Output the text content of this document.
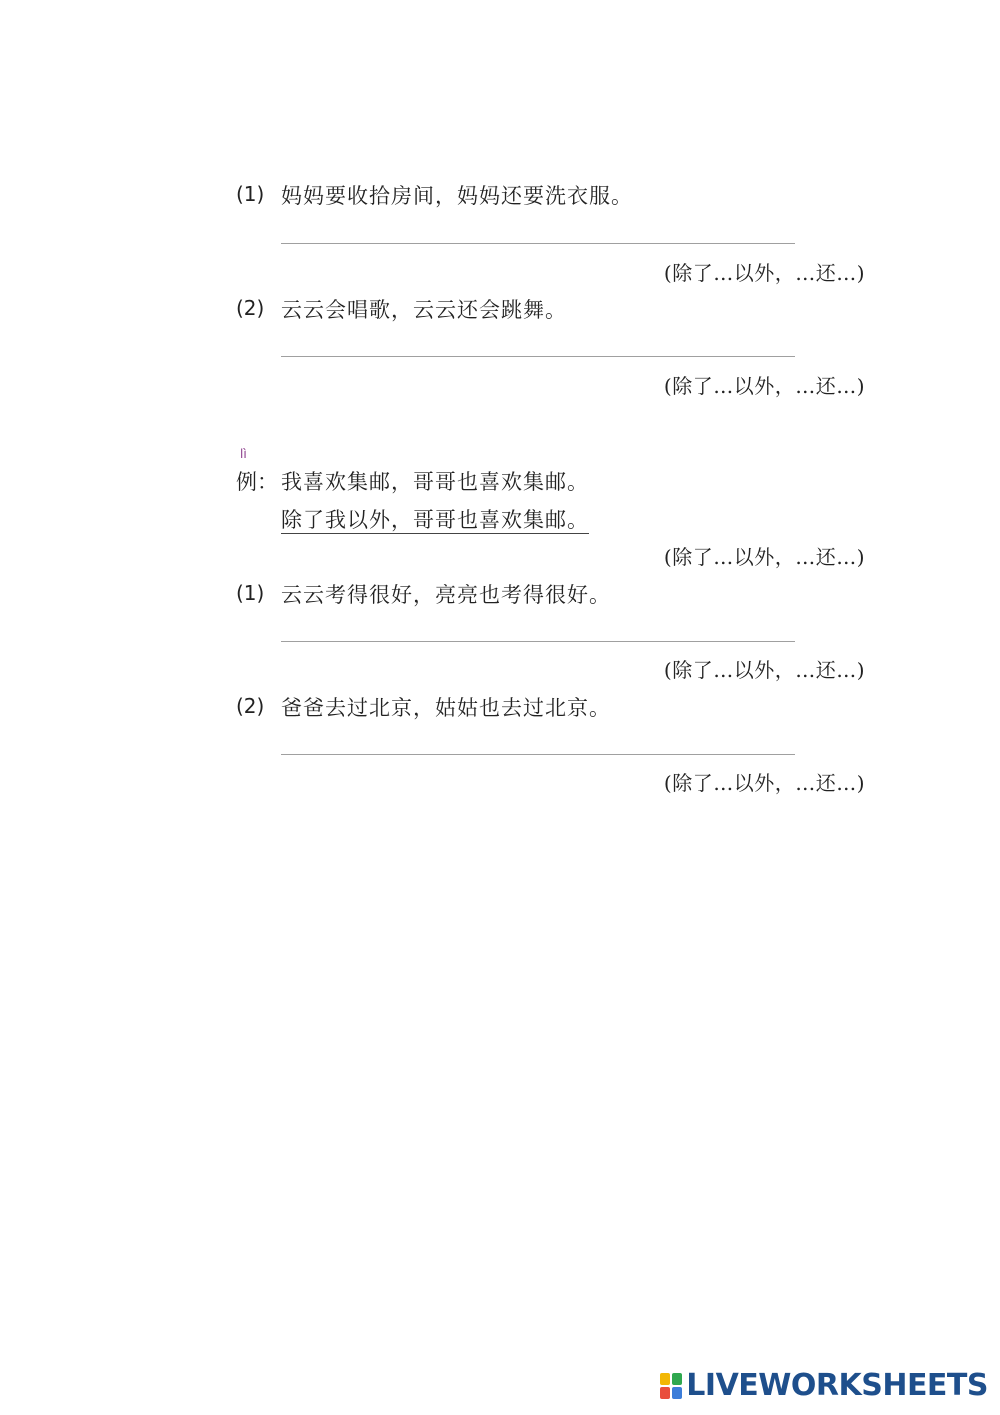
(1) 妈妈要收拾房间，妈妈还要洗衣服。
(除了…以外，…还…)
(2) 云云会唱歌，云云还会跳舞。
(除了…以外，…还…)
lì
例： 我喜欢集邮，哥哥也喜欢集邮。
除了我以外，哥哥也喜欢集邮。
(除了…以外，…还…)
(1) 云云考得很好，亮亮也考得很好。
(除了…以外，…还…)
(2) 爸爸去过北京，姑姑也去过北京。
(除了…以外，…还…)
LIVEWORKSHEETS
